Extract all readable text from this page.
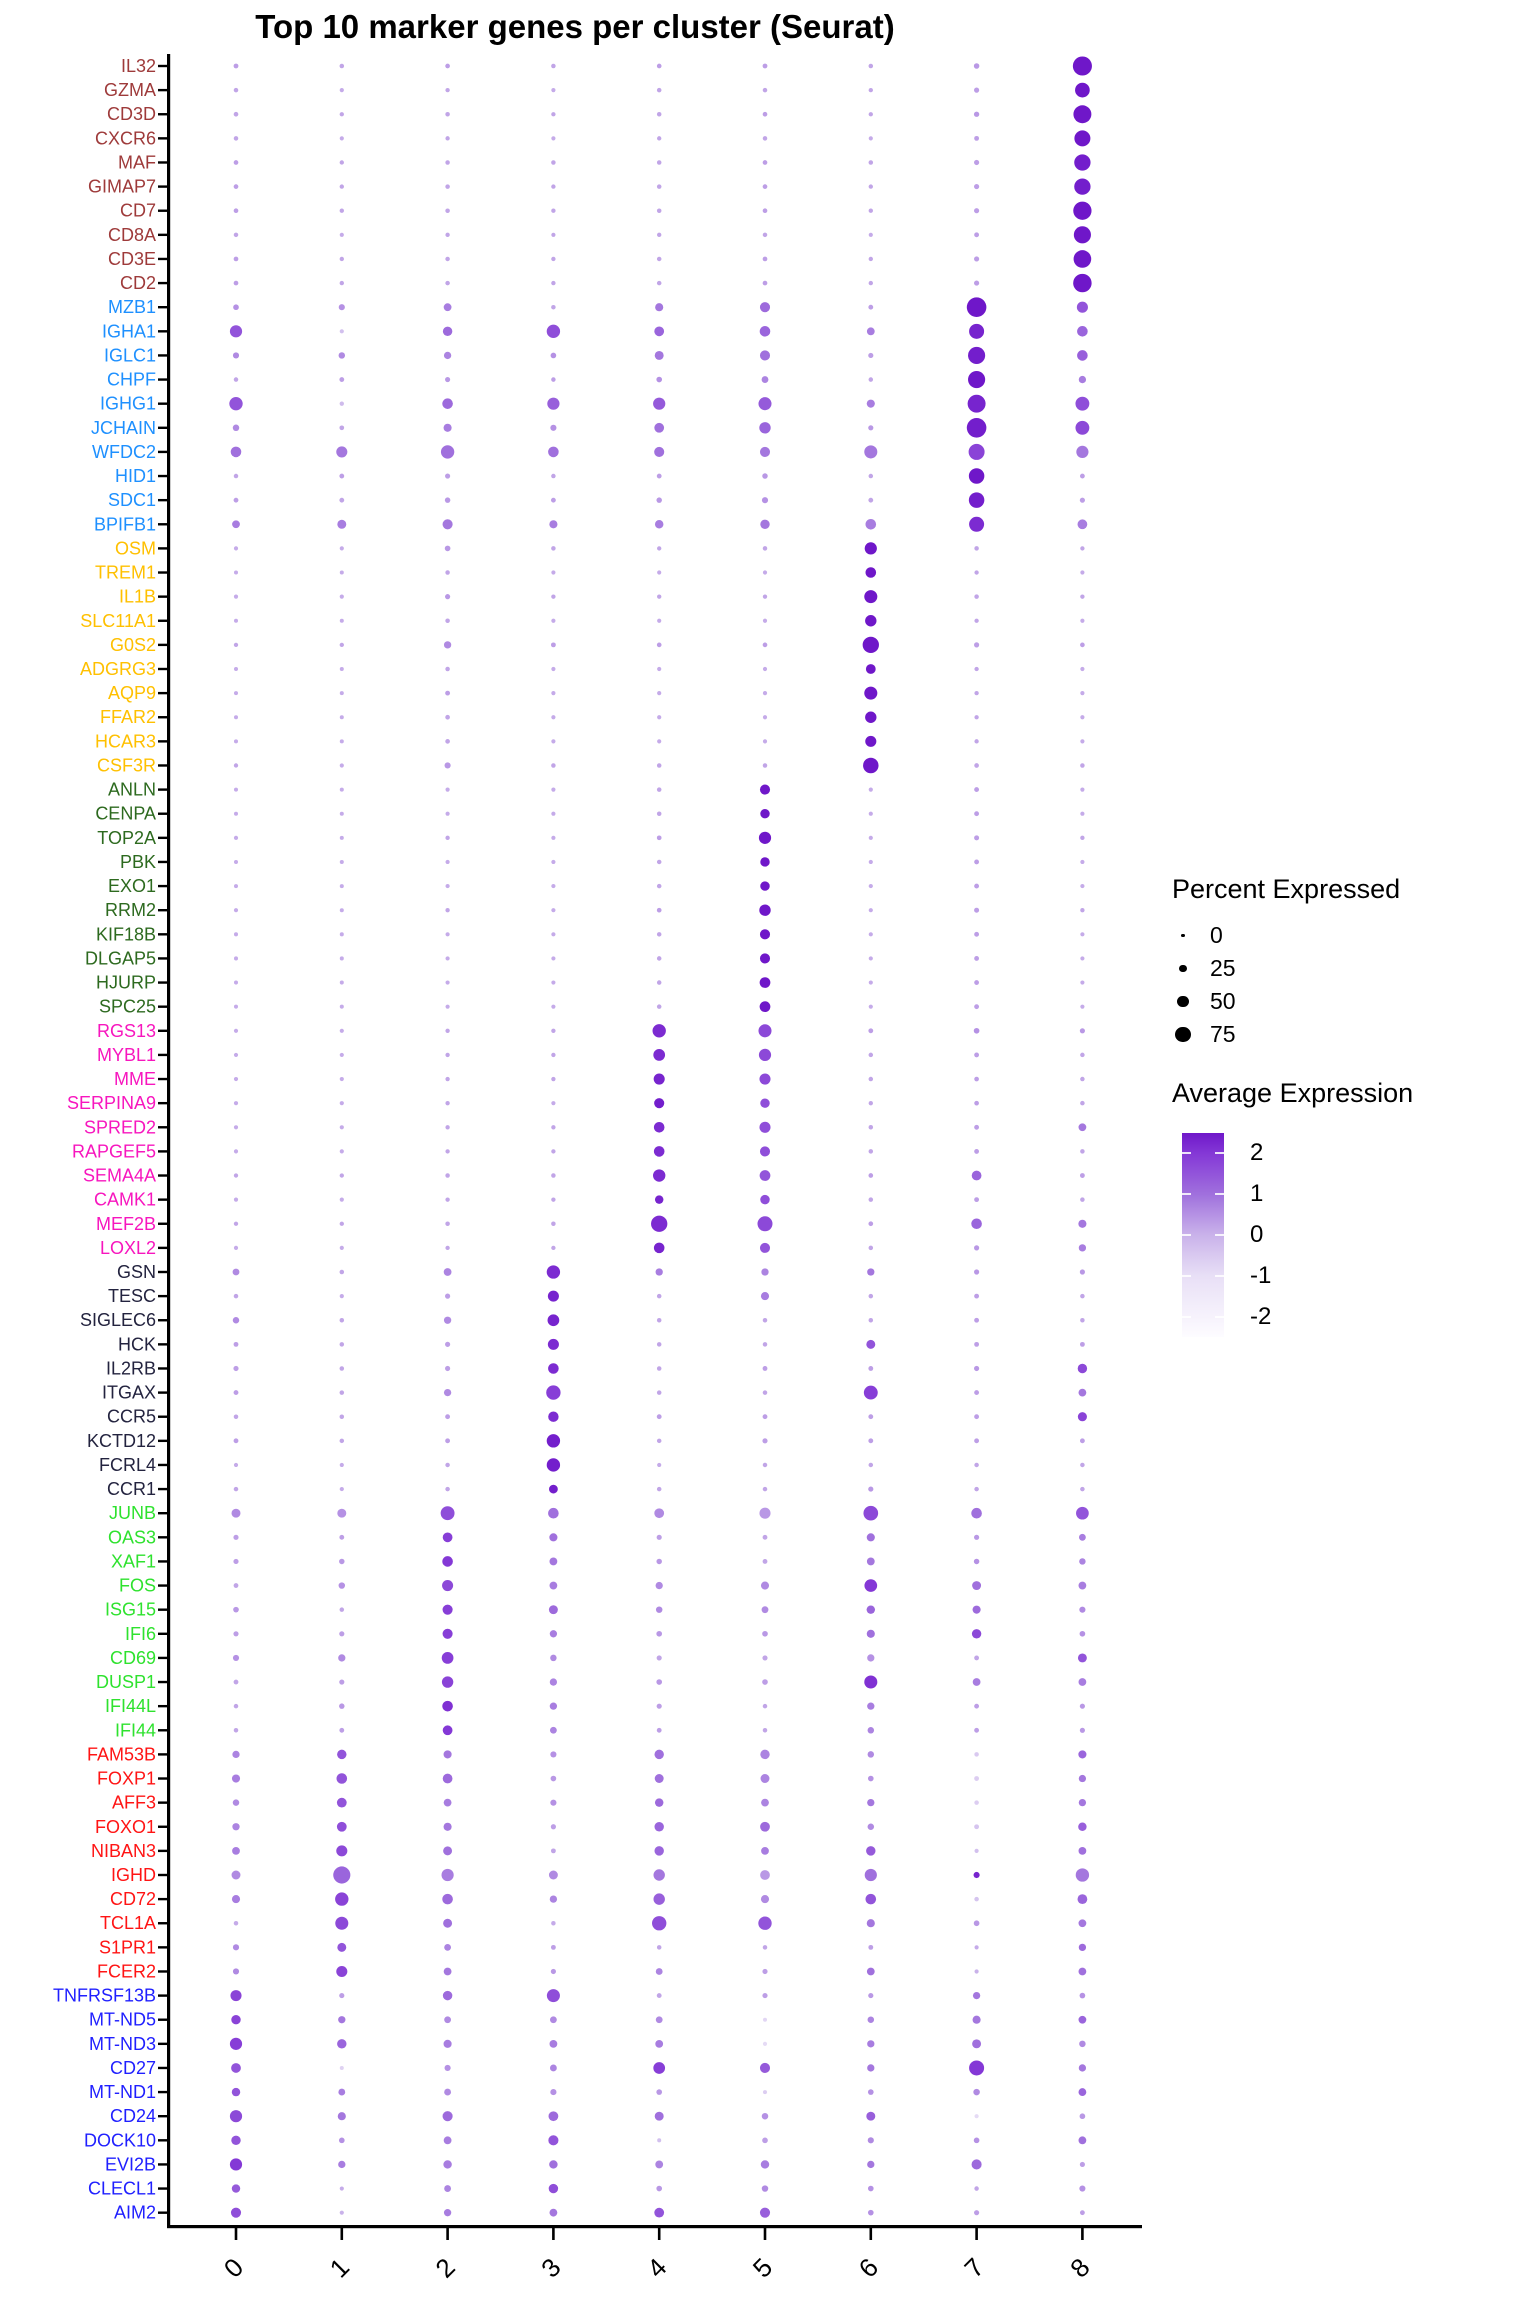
Top 10 marker genes per cluster (Seurat)
IL32
GZMA
CD3D
CXCR6
MAF
GIMAP7
CD7
CD8A
CD3E
CD2
MZB1
IGHA1
IGLC1
CHPF
IGHG1
JCHAIN
WFDC2
HID1
SDC1
BPIFB1
OSM
TREM1
IL1B
SLC11A1
G0S2
ADGRG3
AQP9
FFAR2
HCAR3
CSF3R
ANLN
CENPA
TOP2A
PBK
EXO1
RRM2
KIF18B
DLGAP5
HJURP
SPC25
RGS13
MYBL1
MME
SERPINA9
SPRED2
RAPGEF5
SEMA4A
CAMK1
MEF2B
LOXL2
GSN
TESC
SIGLEC6
HCK
IL2RB
ITGAX
CCR5
KCTD12
FCRL4
CCR1
JUNB
OAS3
XAF1
FOS
ISG15
IFI6
CD69
DUSP1
IFI44L
IFI44
FAM53B
FOXP1
AFF3
FOXO1
NIBAN3
IGHD
CD72
TCL1A
S1PR1
FCER2
TNFRSF13B
MT-ND5
MT-ND3
CD27
MT-ND1
CD24
DOCK10
EVI2B
CLECL1
AIM2
0	1	2	3	4	5	6	7	8
Percent Expressed
0
25
50
75
Average Expression
2
1
0
-1
-2
